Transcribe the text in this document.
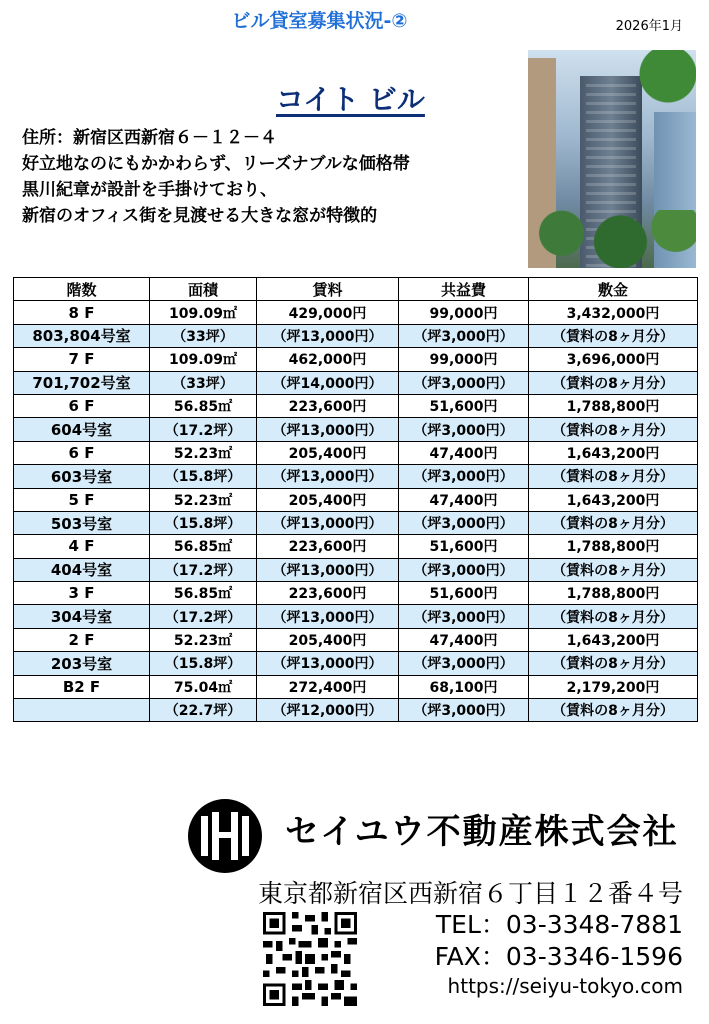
ビル貸室募集状況-②	2026年1月
コイト ビル
住所：新宿区西新宿６－１２－４
好立地なのにもかかわらず、リーズナブルな価格帯
黒川紀章が設計を手掛けており、
新宿のオフィス街を見渡せる大きな窓が特徴的
階数	面積	賃料	共益費	敷金
8 F	109.09㎡	429,000円	99,000円	3,432,000円
803,804号室	（33坪）	（坪13,000円）	（坪3,000円）	（賃料の8ヶ月分）
7 F	109.09㎡	462,000円	99,000円	3,696,000円
701,702号室	（33坪）	（坪14,000円）	（坪3,000円）	（賃料の8ヶ月分）
6 F	56.85㎡	223,600円	51,600円	1,788,800円
604号室	（17.2坪）	（坪13,000円）	（坪3,000円）	（賃料の8ヶ月分）
6 F	52.23㎡	205,400円	47,400円	1,643,200円
603号室	（15.8坪）	（坪13,000円）	（坪3,000円）	（賃料の8ヶ月分）
5 F	52.23㎡	205,400円	47,400円	1,643,200円
503号室	（15.8坪）	（坪13,000円）	（坪3,000円）	（賃料の8ヶ月分）
4 F	56.85㎡	223,600円	51,600円	1,788,800円
404号室	（17.2坪）	（坪13,000円）	（坪3,000円）	（賃料の8ヶ月分）
3 F	56.85㎡	223,600円	51,600円	1,788,800円
304号室	（17.2坪）	（坪13,000円）	（坪3,000円）	（賃料の8ヶ月分）
2 F	52.23㎡	205,400円	47,400円	1,643,200円
203号室	（15.8坪）	（坪13,000円）	（坪3,000円）	（賃料の8ヶ月分）
B2 F	75.04㎡	272,400円	68,100円	2,179,200円
	（22.7坪）	（坪12,000円）	（坪3,000円）	（賃料の8ヶ月分）
セイユウ不動産株式会社
東京都新宿区西新宿６丁目１２番４号
TEL：03-3348-7881
FAX：03-3346-1596
https://seiyu-tokyo.com
